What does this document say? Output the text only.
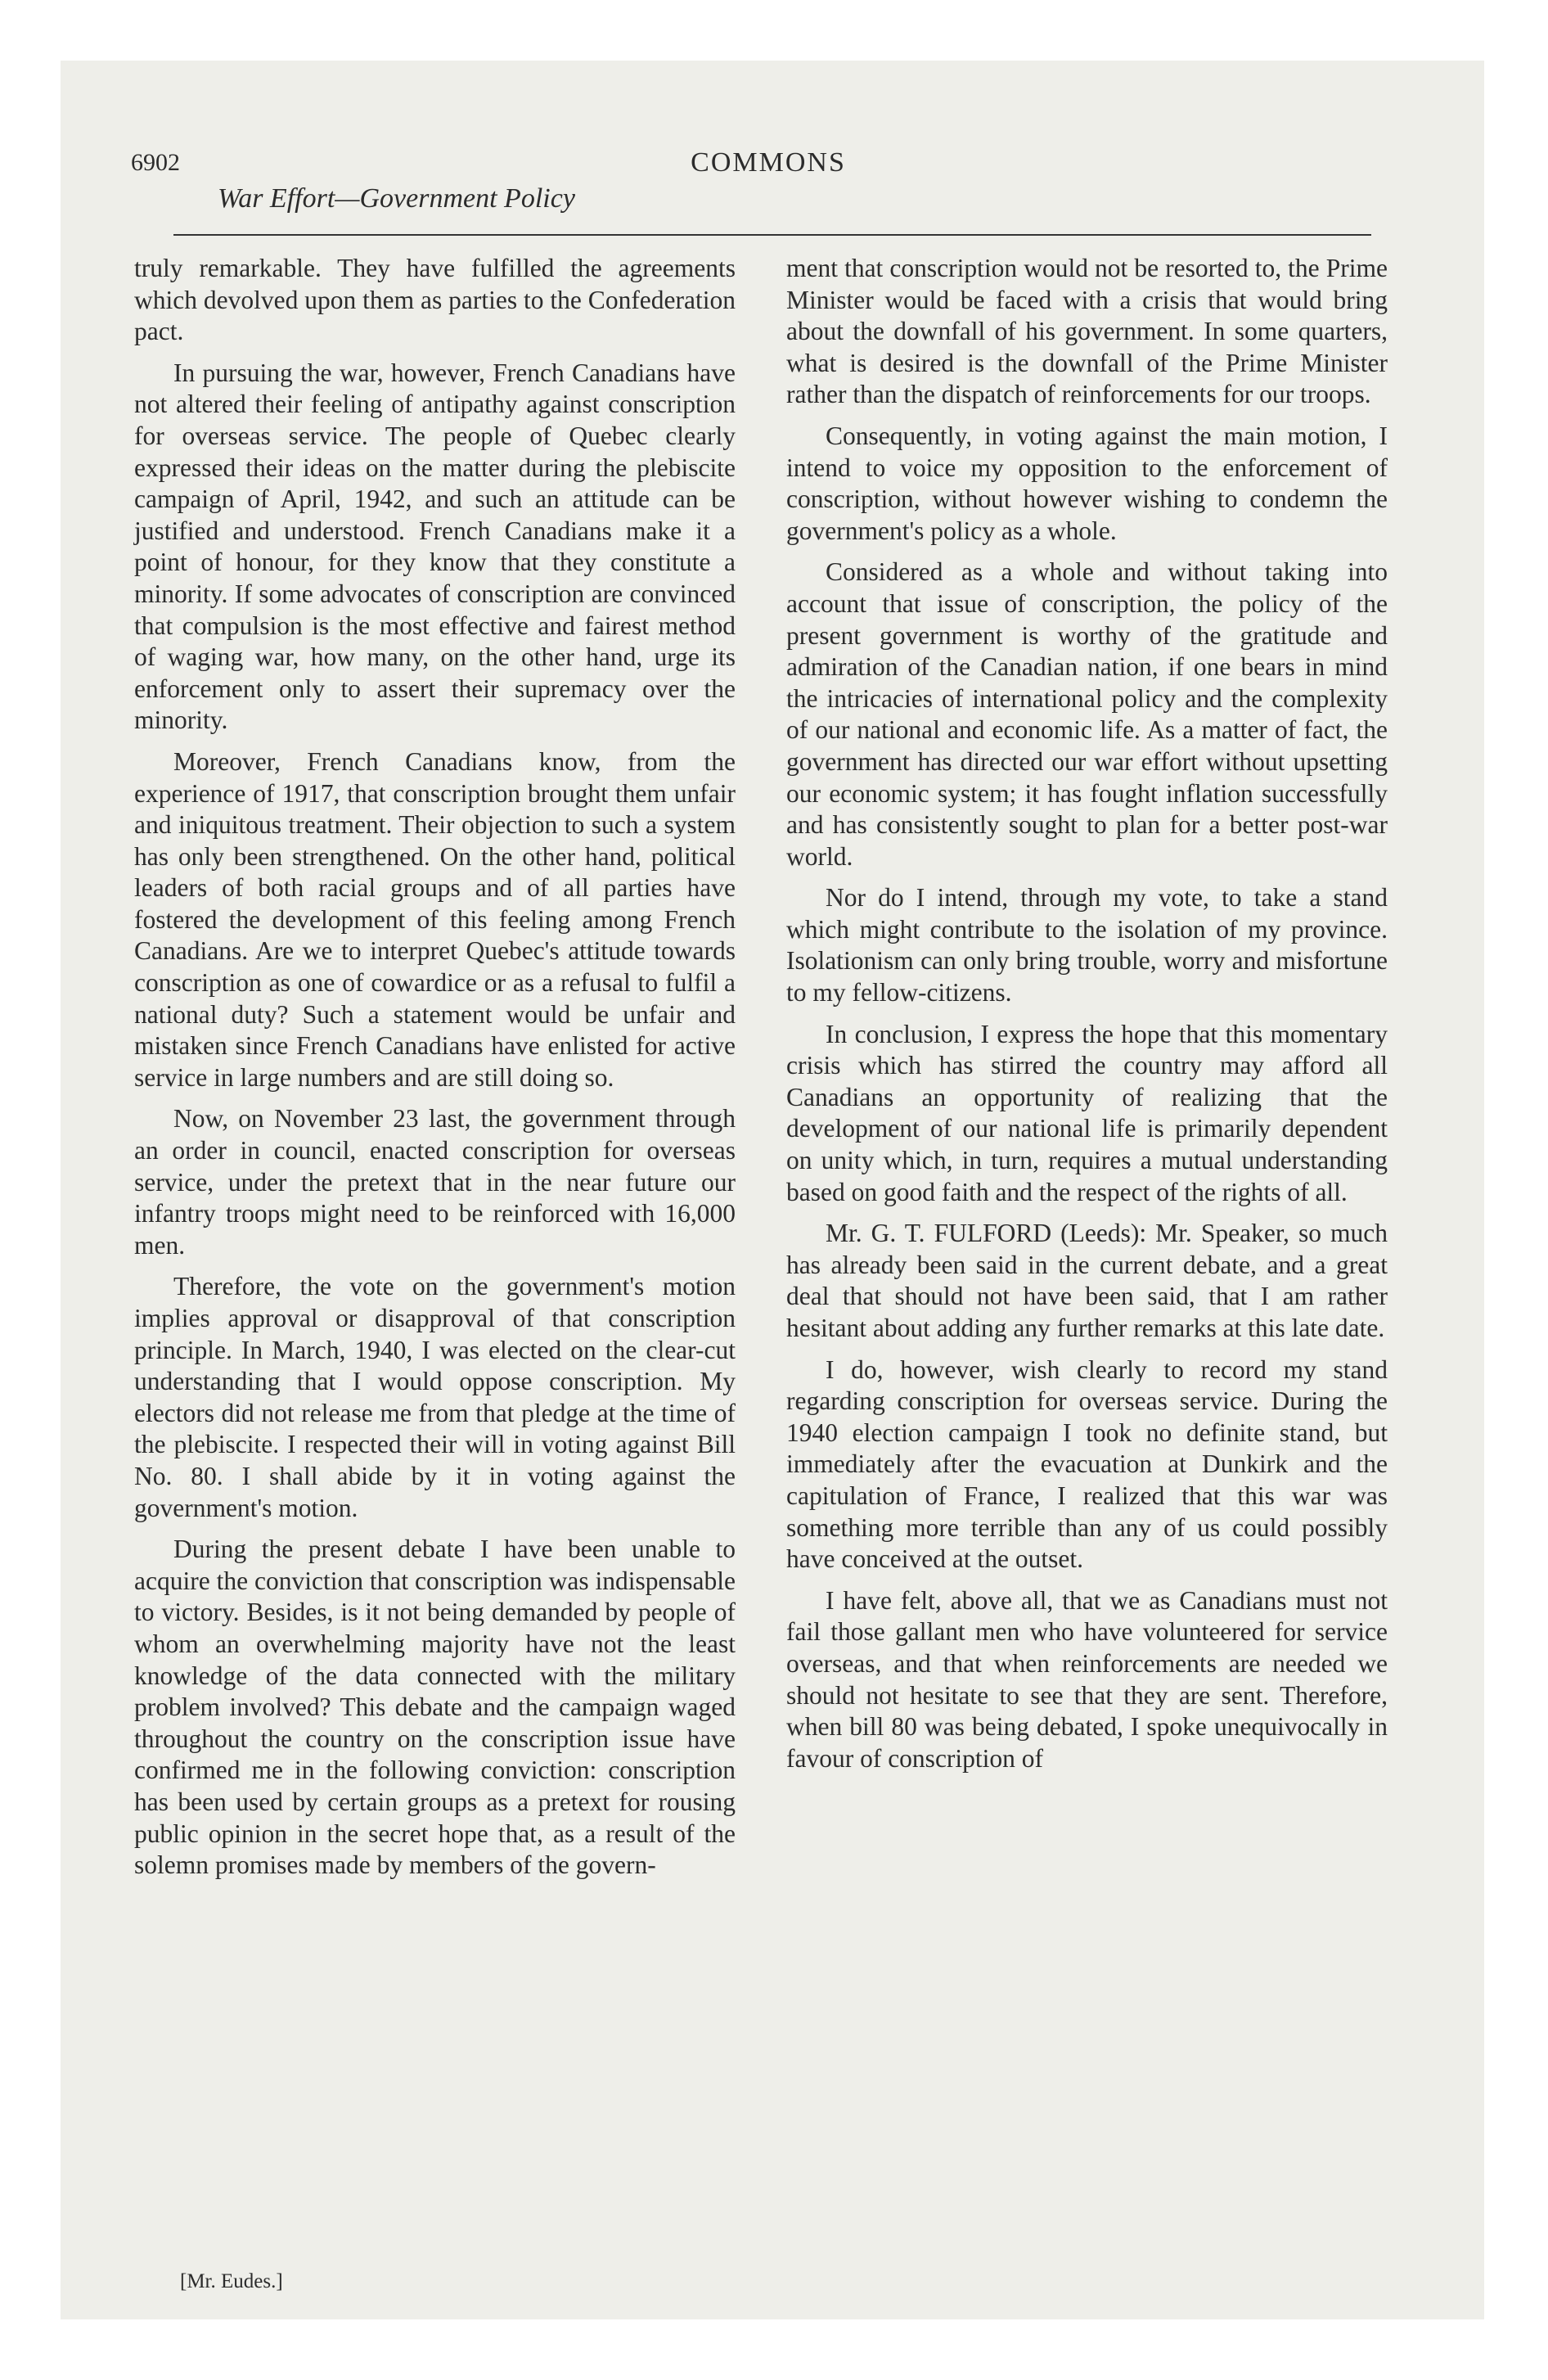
6902	COMMONS
War Effort—Government Policy

truly remarkable. They have fulfilled the agreements which devolved upon them as parties to the Confederation pact.

In pursuing the war, however, French Canadians have not altered their feeling of antipathy against conscription for overseas service. The people of Quebec clearly expressed their ideas on the matter during the plebiscite campaign of April, 1942, and such an attitude can be justified and understood. French Canadians make it a point of honour, for they know that they constitute a minority. If some advocates of conscription are convinced that compulsion is the most effective and fairest method of waging war, how many, on the other hand, urge its enforcement only to assert their supremacy over the minority.

Moreover, French Canadians know, from the experience of 1917, that conscription brought them unfair and iniquitous treatment. Their objection to such a system has only been strengthened. On the other hand, political leaders of both racial groups and of all parties have fostered the development of this feeling among French Canadians. Are we to interpret Quebec's attitude towards conscription as one of cowardice or as a refusal to fulfil a national duty? Such a statement would be unfair and mistaken since French Canadians have enlisted for active service in large numbers and are still doing so.

Now, on November 23 last, the government through an order in council, enacted conscription for overseas service, under the pretext that in the near future our infantry troops might need to be reinforced with 16,000 men.

Therefore, the vote on the government's motion implies approval or disapproval of that conscription principle. In March, 1940, I was elected on the clear-cut understanding that I would oppose conscription. My electors did not release me from that pledge at the time of the plebiscite. I respected their will in voting against Bill No. 80. I shall abide by it in voting against the government's motion.

During the present debate I have been unable to acquire the conviction that conscription was indispensable to victory. Besides, is it not being demanded by people of whom an overwhelming majority have not the least knowledge of the data connected with the military problem involved? This debate and the campaign waged throughout the country on the conscription issue have confirmed me in the following conviction: conscription has been used by certain groups as a pretext for rousing public opinion in the secret hope that, as a result of the solemn promises made by members of the govern-

ment that conscription would not be resorted to, the Prime Minister would be faced with a crisis that would bring about the downfall of his government. In some quarters, what is desired is the downfall of the Prime Minister rather than the dispatch of reinforcements for our troops.

Consequently, in voting against the main motion, I intend to voice my opposition to the enforcement of conscription, without however wishing to condemn the government's policy as a whole.

Considered as a whole and without taking into account that issue of conscription, the policy of the present government is worthy of the gratitude and admiration of the Canadian nation, if one bears in mind the intricacies of international policy and the complexity of our national and economic life. As a matter of fact, the government has directed our war effort without upsetting our economic system; it has fought inflation successfully and has consistently sought to plan for a better post-war world.

Nor do I intend, through my vote, to take a stand which might contribute to the isolation of my province. Isolationism can only bring trouble, worry and misfortune to my fellow-citizens.

In conclusion, I express the hope that this momentary crisis which has stirred the country may afford all Canadians an opportunity of realizing that the development of our national life is primarily dependent on unity which, in turn, requires a mutual understanding based on good faith and the respect of the rights of all.

Mr. G. T. FULFORD (Leeds): Mr. Speaker, so much has already been said in the current debate, and a great deal that should not have been said, that I am rather hesitant about adding any further remarks at this late date.

I do, however, wish clearly to record my stand regarding conscription for overseas service. During the 1940 election campaign I took no definite stand, but immediately after the evacuation at Dunkirk and the capitulation of France, I realized that this war was something more terrible than any of us could possibly have conceived at the outset.

I have felt, above all, that we as Canadians must not fail those gallant men who have volunteered for service overseas, and that when reinforcements are needed we should not hesitate to see that they are sent. Therefore, when bill 80 was being debated, I spoke unequivocally in favour of conscription of

[Mr. Eudes.]
